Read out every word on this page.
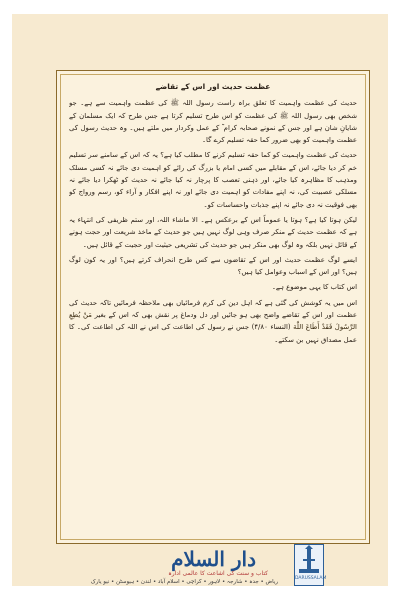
عظمت حدیث اور اس کے تقاضے

حدیث کی عظمت واہمیت کا تعلق براہ راست رسول اللہ ﷺ کی عظمت واہمیت سے ہے۔ جو شخص بھی رسول اللہ ﷺ کی عظمت کو اس طرح تسلیم کرتا ہے جس طرح کہ ایک مسلمان کے شایانِ شان ہے اور جس کے نمونے صحابہ کرام ؓ کے عمل وکردار میں ملتے ہیں۔ وہ حدیث رسول کی عظمت واہمیت کو بھی ضرور کما حقہ تسلیم کرے گا۔

حدیث کی عظمت واہمیت کو کما حقہ تسلیم کرنے کا مطلب کیا ہے؟ یہ کہ اس کے سامنے سر تسلیم خم کر دیا جائے، اس کے مقابلے میں کسی امام یا بزرگ کی رائے کو اہمیت دی جائے نہ کسی مسلک ومذہب کا مظاہرہ کیا جائے، اور ذہنی تعصب کا پرچار نہ کیا جائے نہ حدیث کو ٹھکرا دیا جائے نہ مسلکی عصبیت کی، نہ اپنے مفادات کو اہمیت دی جائے اور نہ اپنے افکار و آراء کو، رسم ورواج کو بھی فوقیت نہ دی جائے نہ اپنے جذبات واحساسات کو۔

لیکن ہوتا کیا ہے؟ ہوتا یا عموماً اس کے برعکس ہے۔ الا ماشاء اللہ، اور ستم ظریفی کی انتہاء یہ ہے کہ عظمت حدیث کے منکر صرف وہی لوگ نہیں ہیں جو حدیث کے ماخذ شریعت اور حجت ہونے کے قائل نہیں بلکہ وہ لوگ بھی منکر ہیں جو حدیث کی تشریعی حیثیت اور حجیت کے قائل ہیں۔

ایسے لوگ عظمت حدیث اور اس کے تقاضوں سے کس طرح انحراف کرتے ہیں؟ اور یہ کون لوگ ہیں؟ اور اس کے اسباب وعوامل کیا ہیں؟

اس کتاب کا یہی موضوع ہے۔

اس میں یہ کوشش کی گئی ہے کہ اہل دین کی کرم فرمائیاں بھی ملاحظہ فرمائیں تاکہ حدیث کی عظمت اور اس کے تقاضے واضح بھی ہو جائیں اور دل ودماغ پر نقش بھی کہ اس کے بغیر مَنْ يُطِعِ الرَّسُولَ فَقَدْ أَطَاعَ اللَّهَ (النساء ۴/۸۰) جس نے رسول کی اطاعت کی اس نے اللہ کی اطاعت کی۔ کا عمل مصداق نہیں بن سکتے۔

دار السلام
کتاب و سنت کی اشاعت کا عالمی ادارہ
ریاض • جدہ • شارجہ • لاہور • کراچی • اسلام آباد • لندن • ہیوسٹن • نیو یارک
DARUSSALAM
